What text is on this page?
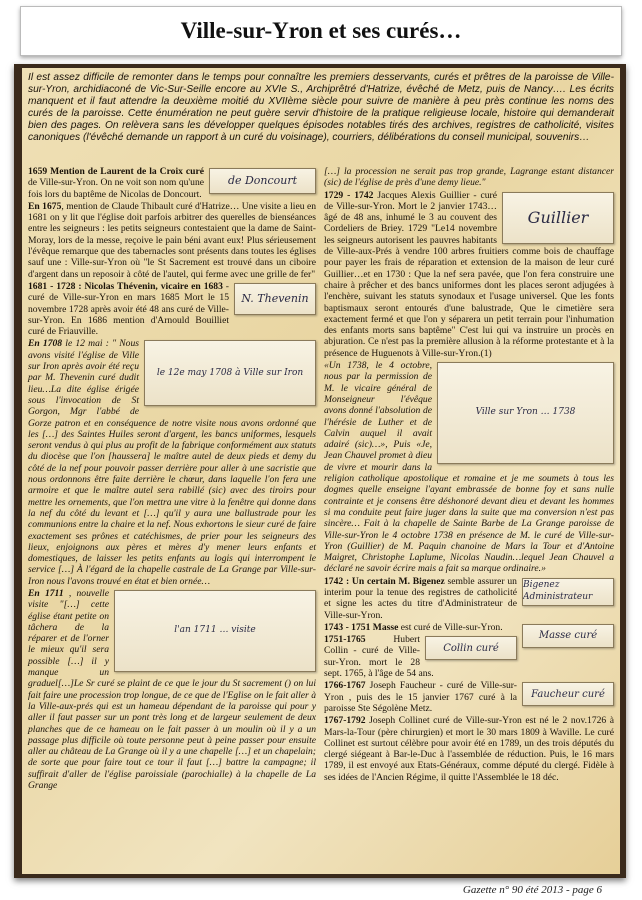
Ville-sur-Yron et ses curés…
Il est assez difficile de remonter dans le temps pour connaître les premiers desservants, curés et prêtres de la paroisse de Ville-sur-Yron, archidiaconé de Vic-Sur-Seille encore au XVIe S., Archiprêtré d'Hatrize, évêché de Metz, puis de Nancy…. Les écrits manquent et il faut attendre la deuxième moitié du XVIIème siècle pour suivre de manière à peu près continue les noms des curés de la paroisse. Cette énumération ne peut guère servir d'histoire de la pratique religieuse locale, histoire qui demanderait bien des pages. On relèvera sans les développer quelques épisodes notables tirés des archives, registres de catholicité, visites canoniques (l'évêché demande un rapport à un curé du voisinage), courriers, délibérations du conseil municipal, souvenirs…
de Doncourt

1659 Mention de Laurent de la Croix curé de Ville-sur-Yron. On ne voit son nom qu'une fois lors du baptême de Nicolas de Doncourt.

En 1675, mention de Claude Thibault curé d'Hatrize… Une visite a lieu en 1681 on y lit que l'église doit parfois arbitrer des querelles de bienséances entre les seigneurs : les petits seigneurs contestaient que la dame de Saint-Moray, lors de la messe, reçoive le pain béni avant eux! Plus sérieusement l'évêque remarque que des tabernacles sont présents dans toutes les églises sauf une : Ville-sur-Yron où "le St Sacrement est trouvé dans un ciboire d'argent dans un reposoir à côté de l'autel, qui ferme avec une grille de fer"

N. Thevenin

1681 - 1728 : Nicolas Thévenin, vicaire en 1683 - curé de Ville-sur-Yron en mars 1685 Mort le 15 novembre 1728 après avoir été 48 ans curé de Ville-sur-Yron. En 1686 mention d'Arnould Bouilliet curé de Friauville.

le 12e may 1708 à Ville sur Iron

En 1708 le 12 mai : " Nous avons visité l'église de Ville sur Iron après avoir été reçu par M. Thevenin curé dudit lieu…La dite église érigée sous l'invocation de St Gorgon, Mgr l'abbé de Gorze patron et en conséquence de notre visite nous avons ordonné que les […] des Saintes Huiles seront d'argent, les bancs uniformes, lesquels seront vendus à qui plus au profit de la fabrique conformément aux statuts du diocèse que l'on [haussera] le maître autel de deux pieds et demy du côté de la nef pour pouvoir passer derrière pour aller à une sacristie que nous ordonnons être faite derrière le chœur, dans laquelle l'on fera une armoire et que le maître autel sera rabillé (sic) avec des tiroirs pour mettre les ornements, que l'on mettra une vitre à la fenêtre qui donne dans la nef du côté du levant et […] qu'il y aura une ballustrade pour les communions entre la chaire et la nef. Nous exhortons le sieur curé de faire exactement ses prônes et catéchismes, de prier pour les seigneurs des lieux, enjoignons aux pères et mères d'y mener leurs enfants et domestiques, de laisser les petits enfants au logis qui interrompent le service […] À l'égard de la chapelle castrale de La Grange par Ville-sur-Iron nous l'avons trouvé en état et bien ornée…

l'an 1711 … visite

En 1711 , nouvelle visite "[…] cette église étant petite on tâchera de la réparer et de l'orner le mieux qu'il sera possible […] il y manque un graduel[…]Le Sr curé se plaint de ce que le jour du St sacrement () on lui fait faire une procession trop longue, de ce que de l'Eglise on le fait aller à la Ville-aux-prés qui est un hameau dépendant de la paroisse qui pour y aller il faut passer sur un pont très long et de largeur seulement de deux planches que de ce hameau on le fait passer à un moulin où il y a un passage plus difficile où toute personne peut à peine passer pour ensuite aller au château de La Grange où il y a une chapelle […] et un chapelain; de sorte que pour faire tout ce tour il faut […] battre la campagne; il suffirait d'aller de l'église paroissiale (parochialle) à la chapelle de La Grange

[…] la procession ne serait pas trop grande, Lagrange estant distancer (sic) de l'église de près d'une demy lieue."

Guillier

1729 - 1742 Jacques Alexis Guillier - curé de Ville-sur-Yron. Mort le 2 janvier 1743…âgé de 48 ans, inhumé le 3 au couvent des Cordeliers de Briey. 1729 "Le14 novembre les seigneurs autorisent les pauvres habitants de Ville-aux-Prés à vendre 100 arbres fruitiers comme bois de chauffage pour payer les frais de réparation et extension de la maison de leur curé Guillier…et en 1730 : Que la nef sera pavée, que l'on fera construire une chaire à prêcher et des bancs uniformes dont les places seront adjugées à l'enchère, suivant les statuts synodaux et l'usage universel. Que les fonts baptismaux seront entourés d'une balustrade, Que le cimetière sera exactement fermé et que l'on y séparera un petit terrain pour l'inhumation des enfants morts sans baptême" C'est lui qui va instruire un procès en abjuration. Ce n'est pas la première allusion à la réforme protestante et à la présence de Huguenots à Ville-sur-Yron.(1)

Ville sur Yron … 1738

«Un 1738, le 4 octobre, nous par la permission de M. le vicaire général de Monseigneur l'évêque avons donné l'absolution de l'hérésie de Luther et de Calvin auquel il avait adairé (sic)…», Puis «Je, Jean Chauvel promet à dieu de vivre et mourir dans la religion catholique apostolique et romaine et je me soumets à tous les dogmes quelle enseigne l'ayant embrassée de bonne foy et sans nulle contrainte et je consens être déshonoré devant dieu et devant les hommes si ma conduite peut faire juger dans la suite que ma conversion n'est pas sincère… Fait à la chapelle de Sainte Barbe de La Grange paroisse de Ville-sur-Yron le 4 octobre 1738 en présence de M. le curé de Ville-sur-Yron (Guillier) de M. Paquin chanoine de Mars la Tour et d'Antoine Maigret, Christophe Laplume, Nicolas Naudin…lequel Jean Chauvel a déclaré ne savoir écrire mais a fait sa marque ordinaire.»

Bigenez Administrateur

1742 : Un certain M. Bigenez semble assurer un interim pour la tenue des registres de catholicité et signe les actes du titre d'Administrateur de Ville-sur-Yron.

Masse curé

1743 - 1751 Masse est curé de Ville-sur-Yron.

Collin curé

1751-1765 Hubert Collin - curé de Ville-sur-Yron. mort le 28 sept. 1765, à l'âge de 54 ans.

Faucheur curé

1766-1767 Joseph Faucheur - curé de Ville-sur-Yron , puis des le 15 janvier 1767 curé à la paroisse Ste Ségolène Metz.

1767-1792 Joseph Collinet curé de Ville-sur-Yron est né le 2 nov.1726 à Mars-la-Tour (père chirurgien) et mort le 30 mars 1809 à Waville. Le curé Collinet est surtout célèbre pour avoir été en 1789, un des trois députés du clergé siégeant à Bar-le-Duc à l'assemblée de réduction. Puis, le 16 mars 1789, il est envoyé aux Etats-Généraux, comme député du clergé. Fidèle à ses idées de l'Ancien Régime, il quitte l'Assemblée le 18 déc.

Gazette n° 90 été 2013 - page 6
